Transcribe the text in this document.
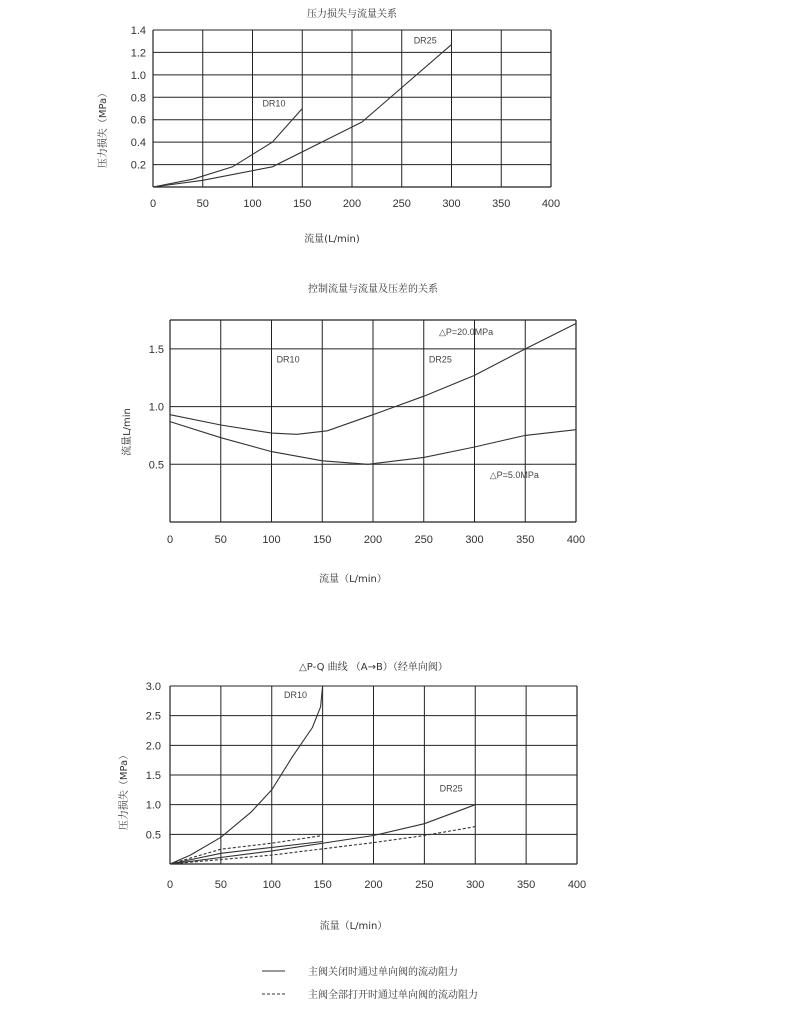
压力损失与流量关系
0	50	100	150	200	250	300	350	400
0.2
0.4
0.6
0.8
1.0
1.2
1.4
流量(L/min)
压力损失（MPa）	DR10
DR25
控制流量与流量及压差的关系
0	50	100	150	200	250	300	350	400
0.5
1.0
1.5
流量（L/min）
流量L/min
DR10	DR25
△P=20.0MPa
△P=5.0MPa
△P-Q 曲线 （A→B）（经单向阀）
0	50	100	150	200	250	300	350	400
0.5
1.0
1.5
2.0
2.5
3.0
流量（L/min）
压力损失（MPa）
DR10
DR25
主阀关闭时通过单向阀的流动阻力
主阀全部打开时通过单向阀的流动阻力
